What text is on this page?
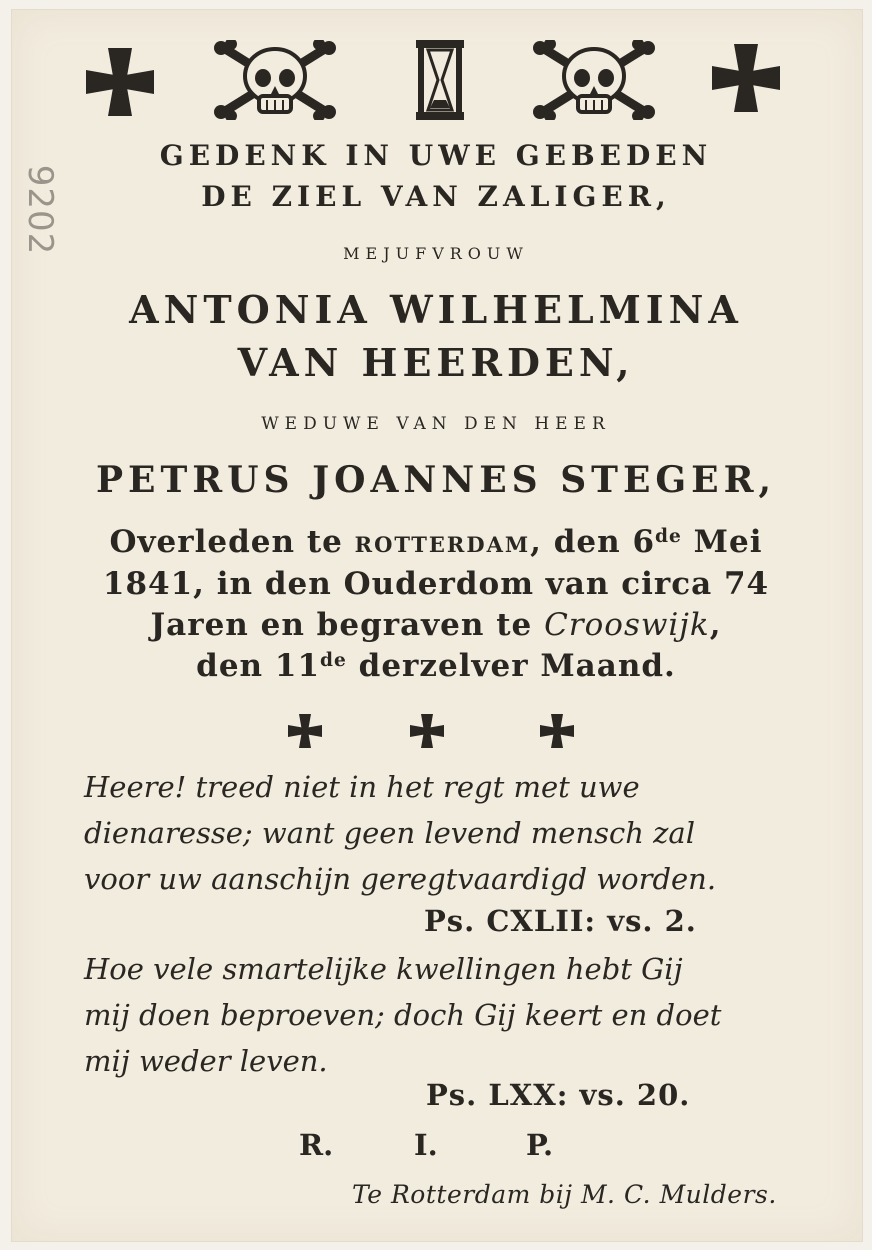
9202
GEDENK IN UWE GEBEDEN
DE ZIEL VAN ZALIGER,
MEJUFVROUW
ANTONIA WILHELMINA
VAN HEERDEN,
WEDUWE VAN DEN HEER
PETRUS JOANNES STEGER,
Overleden te ROTTERDAM, den 6de Mei
1841, in den Ouderdom van circa 74
Jaren en begraven te Crooswijk,
den 11de derzelver Maand.
Heere! treed niet in het regt met uwe
dienaresse; want geen levend mensch zal
voor uw aanschijn geregtvaardigd worden.
Ps. CXLII: vs. 2.
Hoe vele smartelijke kwellingen hebt Gij
mij doen beproeven; doch Gij keert en doet
mij weder leven.
Ps. LXX: vs. 20.
R.	I.	P.
Te Rotterdam bij M. C. Mulders.
